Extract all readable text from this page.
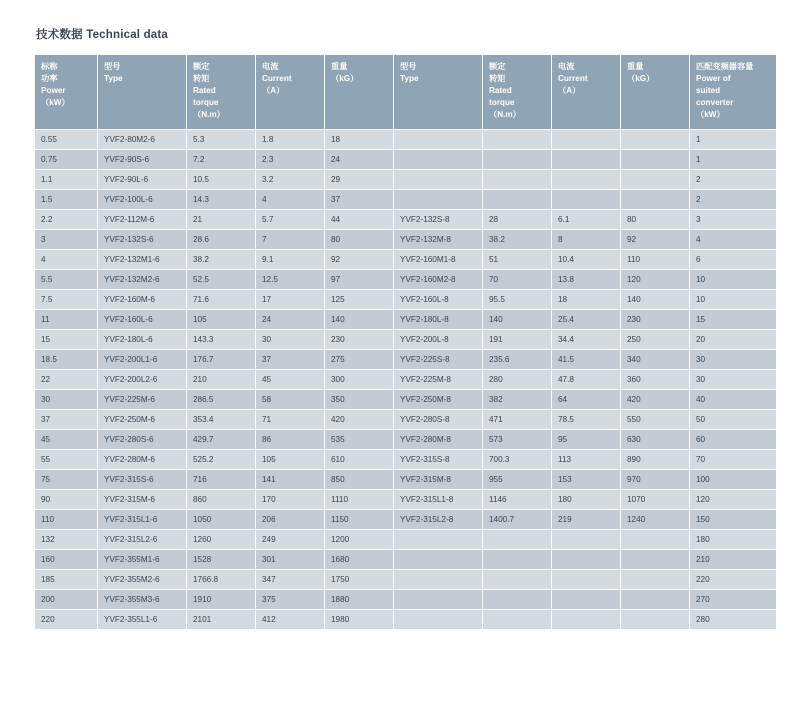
技术数据 Technical data
标称
功率
Power
（kW）	型号
Type	额定
转矩
Rated
torque
（N.m）	电流
Current
（A）	重量
（kG）	型号
Type	额定
转矩
Rated
torque
（N.m）	电流
Current
（A）	重量
（kG）	匹配变频器容量
Power of
suited
converter
（kW）

0.55	YVF2-80M2-6	5.3	1.8	18					1
0.75	YVF2-90S-6	7.2	2.3	24					1
1.1	YVF2-90L-6	10.5	3.2	29					2
1.5	YVF2-100L-6	14.3	4	37					2
2.2	YVF2-112M-6	21	5.7	44	YVF2-132S-8	28	6.1	80	3
3	YVF2-132S-6	28.6	7	80	YVF2-132M-8	38.2	8	92	4
4	YVF2-132M1-6	38.2	9.1	92	YVF2-160M1-8	51	10.4	110	6
5.5	YVF2-132M2-6	52.5	12.5	97	YVF2-160M2-8	70	13.8	120	10
7.5	YVF2-160M-6	71.6	17	125	YVF2-160L-8	95.5	18	140	10
11	YVF2-160L-6	105	24	140	YVF2-180L-8	140	25.4	230	15
15	YVF2-180L-6	143.3	30	230	YVF2-200L-8	191	34.4	250	20
18.5	YVF2-200L1-6	176.7	37	275	YVF2-225S-8	235.6	41.5	340	30
22	YVF2-200L2-6	210	45	300	YVF2-225M-8	280	47.8	360	30
30	YVF2-225M-6	286.5	58	350	YVF2-250M-8	382	64	420	40
37	YVF2-250M-6	353.4	71	420	YVF2-280S-8	471	78.5	550	50
45	YVF2-280S-6	429.7	86	535	YVF2-280M-8	573	95	630	60
55	YVF2-280M-6	525.2	105	610	YVF2-315S-8	700.3	113	890	70
75	YVF2-315S-6	716	141	850	YVF2-315M-8	955	153	970	100
90	YVF2-315M-6	860	170	1110	YVF2-315L1-8	1146	180	1070	120
110	YVF2-315L1-6	1050	206	1150	YVF2-315L2-8	1400.7	219	1240	150
132	YVF2-315L2-6	1260	249	1200					180
160	YVF2-355M1-6	1528	301	1680					210
185	YVF2-355M2-6	1766.8	347	1750					220
200	YVF2-355M3-6	1910	375	1880					270
220	YVF2-355L1-6	2101	412	1980					280
